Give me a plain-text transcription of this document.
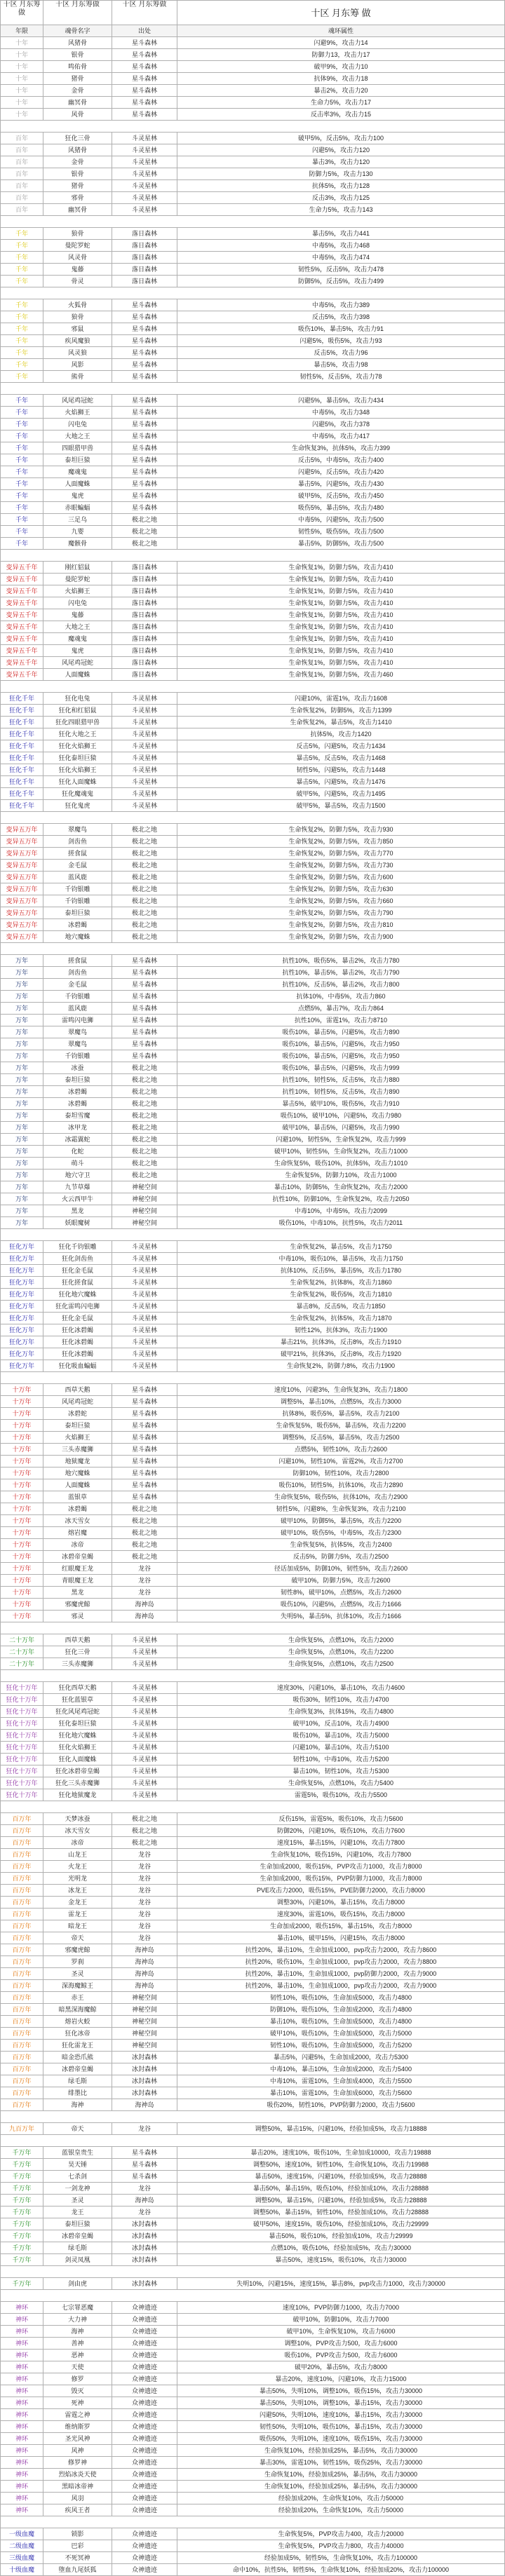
十区 月东筹做	十区 月东筹做	十区 月东筹做	十区 月东筹 做
年限	魂骨名字	出处	魂环属性
十年	风猪骨	星斗森林	闪避9%，攻击力14
十年	银骨	星斗森林	防御力13，攻击力17
十年	鸣佑骨	星斗森林	破甲9%，攻击力10
十年	猪骨	星斗森林	抗体9%，攻击力18
十年	金骨	星斗森林	暴击2%，攻击力20
十年	幽冥骨	星斗森林	生命力5%，攻击力17
十年	风骨	星斗森林	反击率3%，攻击力15

百年	狂化三骨	斗灵星林	破甲5%，反击5%，攻击力100
百年	风猪骨	斗灵星林	闪避5%，攻击力120
百年	金骨	斗灵星林	暴击3%，攻击力120
百年	银骨	斗灵星林	防御力5%，攻击力130
百年	猪骨	斗灵星林	抗体5%，攻击力128
百年	邪骨	斗灵星林	反击3%，攻击力125
百年	幽冥骨	斗灵星林	生命力5%，攻击力143

千年	狼骨	落日森林	暴击5%，攻击力441
千年	曼陀罗蛇	落日森林	中毒5%，攻击力468
千年	风灵骨	落日森林	中毒5%，攻击力474
千年	鬼藤	落日森林	韧性5%，反击5%，攻击力478
千年	骨灵	落日森林	防御5%，反击5%，攻击力499

千年	火狐骨	星斗森林	中毒5%，攻击力389
千年	狼骨	星斗森林	反击5%，攻击力398
千年	邪鼠	星斗森林	吸伤10%，暴击5%，攻击力91
千年	疾风魔狼	星斗森林	闪避5%，吸伤5%，攻击力93
千年	风灵狼	星斗森林	反击5%，攻击力96
千年	风影	星斗森林	暴击5%，攻击力98
千年	熊骨	星斗森林	韧性5%，反击5%，攻击力78

千年	风尾鸡冠蛇	星斗森林	闪避5%，暴击5%，攻击力434
千年	火焰狮王	星斗森林	中毒5%，攻击力348
千年	闪电兔	星斗森林	闪避5%，攻击力378
千年	大地之王	星斗森林	中毒5%，攻击力417
千年	四眼猎甲兽	星斗森林	生命恢复3%，抗体5%，攻击力399
千年	泰坦巨猿	星斗森林	反击5%，中毒5%，攻击力400
千年	魔魂鬼	星斗森林	闪避5%，反击5%，攻击力420
千年	人面魔蛛	星斗森林	暴击5%，闪避5%，攻击力430
千年	鬼虎	星斗森林	破甲5%，反击5%，攻击力450
千年	赤眼蝙蝠	星斗森林	吸伤5%，暴击5%，攻击力480
千年	三足乌	极北之地	中毒5%，闪避5%，攻击力500
千年	九婴	极北之地	韧性5%，吸伤5%，攻击力500
千年	魔骸骨	极北之地	暴击5%，防御5%，攻击力500

变异五千年	刚红貂鼠	落日森林	生命恢复1%，防御力5%，攻击力410
变异五千年	曼陀罗蛇	落日森林	生命恢复1%，防御力5%，攻击力410
变异五千年	火焰狮王	落日森林	生命恢复1%，防御力5%，攻击力410
变异五千年	闪电兔	落日森林	生命恢复1%，防御力5%，攻击力410
变异五千年	鬼藤	落日森林	生命恢复1%，防御力5%，攻击力410
变异五千年	大地之王	落日森林	生命恢复1%，防御力5%，攻击力410
变异五千年	魔魂鬼	落日森林	生命恢复1%，防御力5%，攻击力410
变异五千年	鬼虎	落日森林	生命恢复1%，防御力5%，攻击力410
变异五千年	风尾鸡冠蛇	落日森林	生命恢复1%，防御力5%，攻击力410
变异五千年	人面魔蛛	落日森林	生命恢复1%，防御力5%，攻击力460

狂化千年	狂化电兔	斗灵星林	闪避10%，雷霆1%，攻击力1608
狂化千年	狂化和红貂鼠	斗灵星林	生命恢复2%，防御5%，攻击力1399
狂化千年	狂化四眼猎甲兽	斗灵星林	生命恢复2%，暴击5%，攻击力1410
狂化千年	狂化大地之王	斗灵星林	抗体5%，攻击力1420
狂化千年	狂化火焰狮王	斗灵星林	反击5%，闪避5%，攻击力1434
狂化千年	狂化泰坦巨猿	斗灵星林	暴击5%，反击5%，攻击力1468
狂化千年	狂化火焰狮王	斗灵星林	韧性5%，闪避5%，攻击力1448
狂化千年	狂化人面魔蛛	斗灵星林	暴击5%，闪避5%，攻击力1476
狂化千年	狂化魔魂鬼	斗灵星林	破甲5%，闪避5%，攻击力1495
狂化千年	狂化鬼虎	斗灵星林	破甲5%，暴击5%，攻击力1500

变异五万年	翠魔鸟	极北之地	生命恢复2%，防御力5%，攻击力930
变异五万年	剑齿鱼	极北之地	生命恢复2%，防御力5%，攻击力850
变异五万年	搓食鼠	极北之地	生命恢复2%，防御力5%，攻击力770
变异五万年	金毛鼠	极北之地	生命恢复2%，防御力5%，攻击力730
变异五万年	蓝风鹿	极北之地	生命恢复2%，防御力5%，攻击力600
变异五万年	千钧银雕	极北之地	生命恢复2%，防御力5%，攻击力630
变异五万年	千钧银雕	极北之地	生命恢复2%，防御力5%，攻击力660
变异五万年	泰坦巨猿	极北之地	生命恢复2%，防御力5%，攻击力790
变异五万年	冰碧蝎	极北之地	生命恢复2%，防御力5%，攻击力810
变异五万年	地穴魔蛛	极北之地	生命恢复2%，防御力5%，攻击力900

万年	搓食鼠	星斗森林	抗性10%，吸伤5%，暴击2%，攻击力780
万年	剑齿鱼	星斗森林	抗性10%，暴击5%，暴击2%，攻击力790
万年	金毛鼠	星斗森林	抗性10%，反击5%，暴击2%，攻击力800
万年	千钧银雕	星斗森林	抗体10%，中毒5%，攻击力860
万年	蓝风鹿	星斗森林	点燃5%，暴击7%，攻击力864
万年	雷鸣闪电狮	星斗森林	抗性10%，雷霆1%，攻击力8710
万年	翠魔鸟	星斗森林	吸伤10%，暴击5%，闪避5%，攻击力890
万年	翠魔鸟	星斗森林	吸伤10%，暴击5%，闪避5%，攻击力950
万年	千钧银雕	星斗森林	吸伤10%，暴击5%，闪避5%，攻击力950
万年	冰蚕	极北之地	吸伤10%，暴击5%，闪避5%，攻击力999
万年	泰坦巨猿	极北之地	抗性10%，韧性5%，反击5%，攻击力880
万年	冰碧蝎	极北之地	抗性10%，韧性5%，反击5%，攻击力890
万年	冰碧蝎	极北之地	暴击5%，破甲10%，吸伤5%，攻击力910
万年	泰坦雪魔	极北之地	吸伤10%，破甲10%，闪避5%，攻击力980
万年	冰甲龙	极北之地	破甲10%，暴击5%，闪避5%，攻击力990
万年	冰霜翼蛇	极北之地	闪避10%，韧性5%，生命恢复2%，攻击力999
万年	化蛇	极北之地	破甲10%，韧性5%，生命恢复2%，攻击力1000
万年	萌斗	极北之地	生命恢复5%，吸伤10%，抗体5%，攻击力1010
万年	地穴守卫	极北之地	生命恢复5%，防御力10%，攻击力1000
万年	九节草爆	神秘空间	暴击10%，防御5%，生命恢复2%，攻击力2000
万年	火云西甲牛	神秘空间	抗性10%，防御10%，生命恢复2%，攻击力2050
万年	黑龙	神秘空间	中毒10%，中毒5%，攻击力2099
万年	妖眼魔树	神秘空间	吸伤10%，中毒10%，抗性5%，攻击力2011

狂化万年	狂化千钧银雕	斗灵星林	生命恢复2%，暴击5%，攻击力1750
狂化万年	狂化剑齿鱼	斗灵星林	中毒10%，吸伤10%，暴击5%，攻击力1750
狂化万年	狂化金毛鼠	斗灵星林	抗体10%，反击5%，暴击5%，攻击力1780
狂化万年	狂化搓食鼠	斗灵星林	生命恢复2%，抗体8%，攻击力1860
狂化万年	狂化地穴魔蛛	斗灵星林	生命恢复2%，吸伤5%，攻击力1810
狂化万年	狂化雷鸣闪电狮	斗灵星林	暴击8%，反击5%，攻击力1850
狂化万年	狂化金毛鼠	斗灵星林	生命恢复2%，抗体5%，攻击力1870
狂化万年	狂化冰碧蝎	斗灵星林	韧性12%，抗体3%，攻击力1900
狂化万年	狂化冰碧蝎	斗灵星林	暴击21%，抗体3%，反击8%，攻击力1910
狂化万年	狂化冰碧蝎	斗灵星林	破甲21%，抗体3%，反击8%，攻击力1920
狂化万年	狂化吸血蝙蝠	斗灵星林	生命恢复2%，防御力8%，攻击力1900

十万年	西草天鹅	星斗森林	速度10%，闪避3%，生命恢复3%，攻击力1800
十万年	风尾鸡冠蛇	星斗森林	调整5%，暴击10%，点燃5%，攻击力3000
十万年	冰碧蛇	星斗森林	抗体8%，吸伤5%，暴击5%，攻击力2100
十万年	泰坦巨猿	星斗森林	生命恢复5%，吸伤5%，暴击5%，攻击力2200
十万年	火焰狮王	星斗森林	调整5%，反击5%，暴击5%，攻击力2500
十万年	三头赤魔狮	星斗森林	点燃5%，韧性10%，攻击力2600
十万年	地狱魔龙	星斗森林	闪避10%，韧性10%，雷霆2%，攻击力2700
十万年	地穴魔蛛	星斗森林	防御10%，韧性10%，攻击力2800
十万年	人面魔蛛	星斗森林	吸伤10%，韧性5%，抗体10%，攻击力2890
十万年	蓝银草	星斗森林	生命恢复5%，吸伤5%，抗体10%，攻击力2900
十万年	冰碧蝎	极北之地	韧性5%，闪避8%，生命恢复3%，攻击力2100
十万年	冰天雪女	极北之地	破甲10%，防御5%，暴击5%，攻击力2200
十万年	熔岩魔	极北之地	破甲10%，吸伤5%，中毒5%，攻击力2300
十万年	冰帝	极北之地	生命恢复5%，抗体5%，攻击力2400
十万年	冰碧帝皇蝎	极北之地	反击5%，防御力5%，攻击力2500
十万年	红眼魔王龙	龙谷	径话加成5%，防御10%，韧性5%，攻击力2600
十万年	青眼魔王龙	龙谷	破甲10%，防御力5%，攻击力2600
十万年	黑龙	龙谷	韧性8%，破甲10%，点燃5%，攻击力2600
十万年	邪魔虎鲸	海神岛	吸伤10%，闪避5%，点燃5%，攻击力1666
十万年	邪灵	海神岛	失明5%，暴击5%，抗体10%，攻击力1666

二十万年	西草天鹅	斗灵星林	生命恢复5%，点燃10%，攻击力2000
二十万年	狂化三骨	斗灵星林	生命恢复5%，点燃10%，攻击力2200
二十万年	三头赤魔狮	斗灵星林	生命恢复5%，点燃10%，攻击力2500

狂化十万年	狂化西草天鹅	斗灵星林	速度30%，闪避10%，暴击10%，攻击力4600
狂化十万年	狂化蓝银草	斗灵星林	吸伤30%，韧性10%，攻击力4700
狂化十万年	狂化风尾鸡冠蛇	斗灵星林	生命恢复3%，抗体15%，攻击力4800
狂化十万年	狂化泰坦巨猿	斗灵星林	破甲10%，反击10%，攻击力4900
狂化十万年	狂化地穴魔蛛	斗灵星林	吸伤10%，暴击10%，攻击力5000
狂化十万年	狂化火焰狮王	斗灵星林	闪避10%，暴击10%，攻击力5100
狂化十万年	狂化人面魔蛛	斗灵星林	韧性10%，中毒10%，攻击力5200
狂化十万年	狂化冰碧帝皇蝎	斗灵星林	暴击10%，韧性10%，攻击力5300
狂化十万年	狂化三头赤魔狮	斗灵星林	生命恢复5%，点燃10%，攻击力5400
狂化十万年	狂化地狱魔龙	斗灵星林	雷霆5%，吸伤10%，攻击力5500

百万年	天梦冰蚕	极北之地	反伤15%，雷霆5%，吸伤10%，攻击力5600
百万年	冰天雪女	极北之地	防御20%，闪避10%，吸伤10%，攻击力7600
百万年	冰帝	极北之地	速度15%，暴击15%，闪避10%，攻击力7800
百万年	山龙王	龙谷	生命恢复10%，吸伤15%，闪避10%，攻击力7800
百万年	火龙王	龙谷	生命加成2000，吸伤15%，PVP攻击力1000，攻击力8000
百万年	光明龙	龙谷	生命加成2000，吸伤15%，PVP防御力1000，攻击力8000
百万年	冰龙王	龙谷	PVE攻击力2000，吸伤15%，PVE防御力2000，攻击力8000
百万年	金龙王	龙谷	调整30%，闪避10%，暴击15%，攻击力8000
百万年	雷龙王	龙谷	速度30%，雷霆10%，吸伤15%，攻击力8000
百万年	暗龙王	龙谷	生命加成2000，吸伤15%，暴击15%，攻击力8000
百万年	帝天	龙谷	暴击10%，破甲15%，闪避15%，攻击力8000
百万年	邪魔虎鲸	海神岛	抗性20%，暴击10%，生命加成1000，pvp攻击力2000，攻击力8600
百万年	罗刹	海神岛	抗性20%，吸伤10%，生命加成1000，pvp攻击力2000，攻击力8800
百万年	圣灵	海神岛	抗性20%，暴击10%，生命加成1000，pvp防御力2000，攻击力9000
百万年	深海魔鲸王	海神岛	抗性20%，暴击10%，生命加成1000，pvp攻击力2000，攻击力9000
百万年	赤王	神秘空间	韧性10%，吸伤10%，生命加成5000，攻击力4800
百万年	暗黑深海魔鲸	神秘空间	防御10%，吸伤10%，生命加成2000，攻击力4800
百万年	熔岩火蛟	神秘空间	暴击10%，吸伤10%，生命加成5000，攻击力4800
百万年	狂化冰帝	神秘空间	破甲10%，吸伤10%，生命加成5000，攻击力5000
百万年	狂化雷龙王	神秘空间	韧性10%，吸伤10%，生命加成5000，攻击力5200
百万年	暗金恐爪熊	冰封森林	暴击5%，闪避5%，生命加成2000，攻击力5300
百万年	冰碧帝皇蝎	冰封森林	中毒10%，暴击10%，生命加成2000，攻击力5400
百万年	绿毛斯	冰封森林	中毒10%，雷霆10%，生命加成4000，攻击力5500
百万年	绯墨比	冰封森林	暴击10%，雷霆10%，生命加成6000，攻击力5600
百万年	海神	海神岛	吸伤20%，韧性10%，PVP防御力2000，攻击力5600

九百万年	帝天	龙谷	调整50%，暴击15%，闪避10%，经验加成5%，攻击力18888

千万年	蓝银皇贵生	星斗森林	暴击20%，速度10%，吸伤10%，生命加成10000，攻击力19888
千万年	昊天锤	星斗森林	调整50%，速度10%，韧性10%，生命恢复10%，攻击力19988
千万年	七杀剑	星斗森林	暴击50%，速度15%，闪避10%，经验加成5%，攻击力28888
千万年	一剑龙神	龙谷	暴击50%，暴击15%，吸伤10%，经验加成10%，攻击力28888
千万年	圣灵	海神岛	调整50%，暴击15%，闪避10%，经验加成5%，攻击力28888
千万年	龙王	龙谷	调整50%，暴击15%，韧性10%，经验加成10%，攻击力28888
千万年	泰坦巨猿	冰封森林	破甲50%，速度15%，吸伤10%，经验加成10%，攻击力29999
千万年	冰碧帝皇蝎	冰封森林	暴击50%，吸伤10%，经验加成10%，攻击力29999
千万年	绿毛斯	冰封森林	点燃10%，吸伤10%，经验加成5%，攻击力30000
千万年	剑灵凤凰	冰封森林	暴击50%，速度15%，吸伤10%，攻击力30000

千万年	剑由虎	冰封森林	失明10%，闪避15%，速度15%，暴击8%，pvp攻击力1000，攻击力30000

神环	七宗罪恶魔	众神遗迹	速度10%，PVP防御力1000，攻击力7000
神环	大力神	众神遗迹	破甲10%，防御10%，攻击力7000
神环	海神	众神遗迹	破甲10%，生命恢复10%，攻击力6000
神环	善神	众神遗迹	调整10%，PVP攻击力500，攻击力6000
神环	恶神	众神遗迹	吸伤10%，PVP攻击力500，攻击力6000
神环	天使	众神遗迹	破甲20%，暴击5%，攻击力8000
神环	修罗	众神遗迹	暴击20%，速度10%，闪避10%，攻击力15000
神环	毁灭	众神遗迹	暴击50%，失明10%，调整10%，吸伤15%，攻击力30000
神环	死神	众神遗迹	暴击50%，失明10%，调整10%，暴击15%，攻击力30000
神环	雷霆之神	众神遗迹	闪避50%，失明10%，速度10%，暴击15%，攻击力30000
神环	维纳斯罗	众神遗迹	韧性50%，失明10%，吸伤10%，暴击15%，攻击力30000
神环	圣光风神	众神遗迹	吸伤50%，失明10%，速度10%，吸伤15%，攻击力30000
神环	风神	众神遗迹	生命恢复10%，经验加成25%，暴击5%，攻击力30000
神环	修罗神	众神遗迹	暴击30%，雷霆10%，韧性15%，吸伤25%，攻击力30000
神环	烈焰冰炎天使	众神遗迹	生命恢复10%，经验加成25%，暴击5%，攻击力30000
神环	黑暗冰帝神	众神遗迹	生命恢复10%，经验加成25%，暴击5%，攻击力30000
神环	风羽	众神遗迹	经验加成20%，生命恢复10%，攻击力50000
神环	疾风王者	众神遗迹	经验加成20%，生命恢复10%，攻击力50000

一级血魔	锁影	众神遗迹	生命恢复5%，PVP攻击力400，攻击力20000
二级血魔	巴彩	众神遗迹	生命恢复5%，PVP攻击力800，攻击力40000
三级血魔	不死冥神	众神遗迹	经验加成5%，韧性5%，生命恢复10%，攻击力100000
十级血魔	堕血九尾妖狐	众神遗迹	命中10%，抗性5%，韧性5%，生命恢复10%，经验加成20%，攻击力100000
